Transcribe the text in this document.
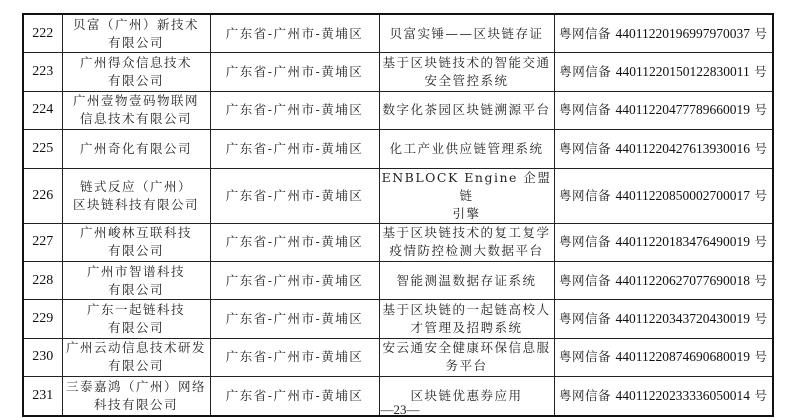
222	贝富（广州）新技术
有限公司	广东省-广州市-黄埔区	贝富实锤——区块链存证	粤网信备 44011220196997970037 号
223	广州得众信息技术
有限公司	广东省-广州市-黄埔区	基于区块链技术的智能交通
安全管控系统	粤网信备 44011220150122830011 号
224	广州壹物壹码物联网
信息技术有限公司	广东省-广州市-黄埔区	数字化茶园区块链溯源平台	粤网信备 44011220477789660019 号
225	广州奇化有限公司	广东省-广州市-黄埔区	化工产业供应链管理系统	粤网信备 44011220427613930016 号
226	链式反应（广州）
区块链科技有限公司	广东省-广州市-黄埔区	ENBLOCK Engine 企盟链
引擎	粤网信备 44011220850002700017 号
227	广州峻林互联科技
有限公司	广东省-广州市-黄埔区	基于区块链技术的复工复学
疫情防控检测大数据平台	粤网信备 44011220183476490019 号
228	广州市智谱科技
有限公司	广东省-广州市-黄埔区	智能测温数据存证系统	粤网信备 44011220627077690018 号
229	广东一起链科技
有限公司	广东省-广州市-黄埔区	基于区块链的一起链高校人
才管理及招聘系统	粤网信备 44011220343720430019 号
230	广州云动信息技术研发
有限公司	广东省-广州市-黄埔区	安云通安全健康环保信息服
务平台	粤网信备 44011220874690680019 号
231	三泰嘉鸿（广州）网络
科技有限公司	广东省-广州市-黄埔区	区块链优惠券应用	粤网信备 44011220233336050014 号
—23—
